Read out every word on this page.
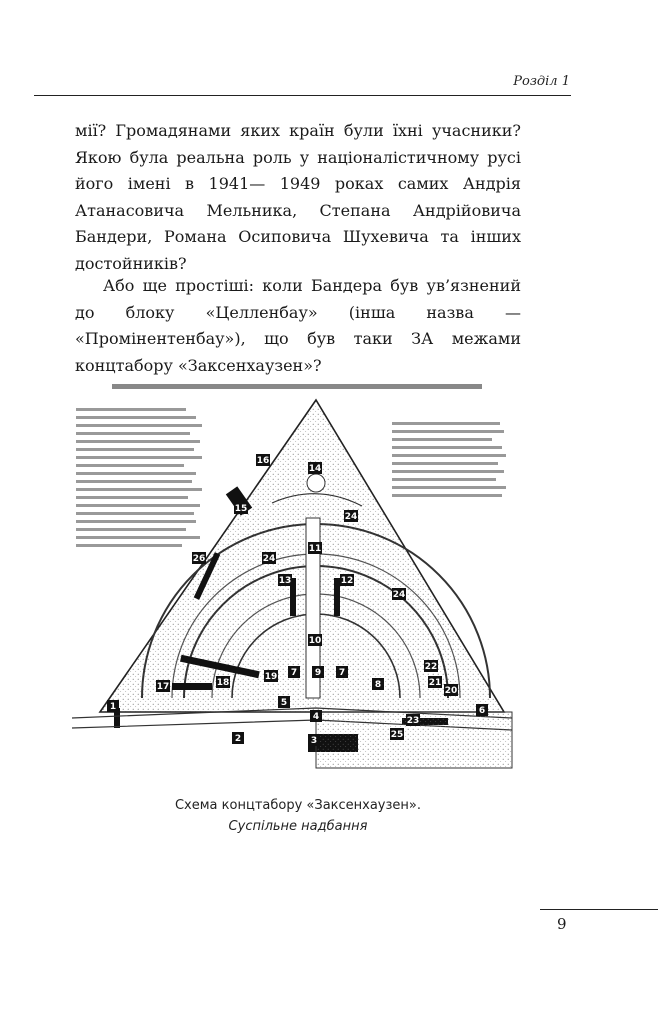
Розділ 1

мії? Громадянами яких країн були їхні учасники? Якою була реальна роль у націоналістичному русі його імені в 1941— 1949 роках самих Андрія Атанасовича Мельника, Степана Андрійовича Бандери, Романа Осиповича Шухевича та інших достойників?

Або ще простіші: коли Бандера був ув’язнений до блоку «Целленбау» (інша назва — «Промінентенбау»), що був таки ЗА межами концтабору «Заксенхаузен»?

1
2	3
4
5
6
7	7
8
9
10
11
12
13
14
15
16
17	18
19
20
21
22
23
24
24
24
25
26
Схема концтабору «Заксенхаузен».
Суспільне надбання
9
